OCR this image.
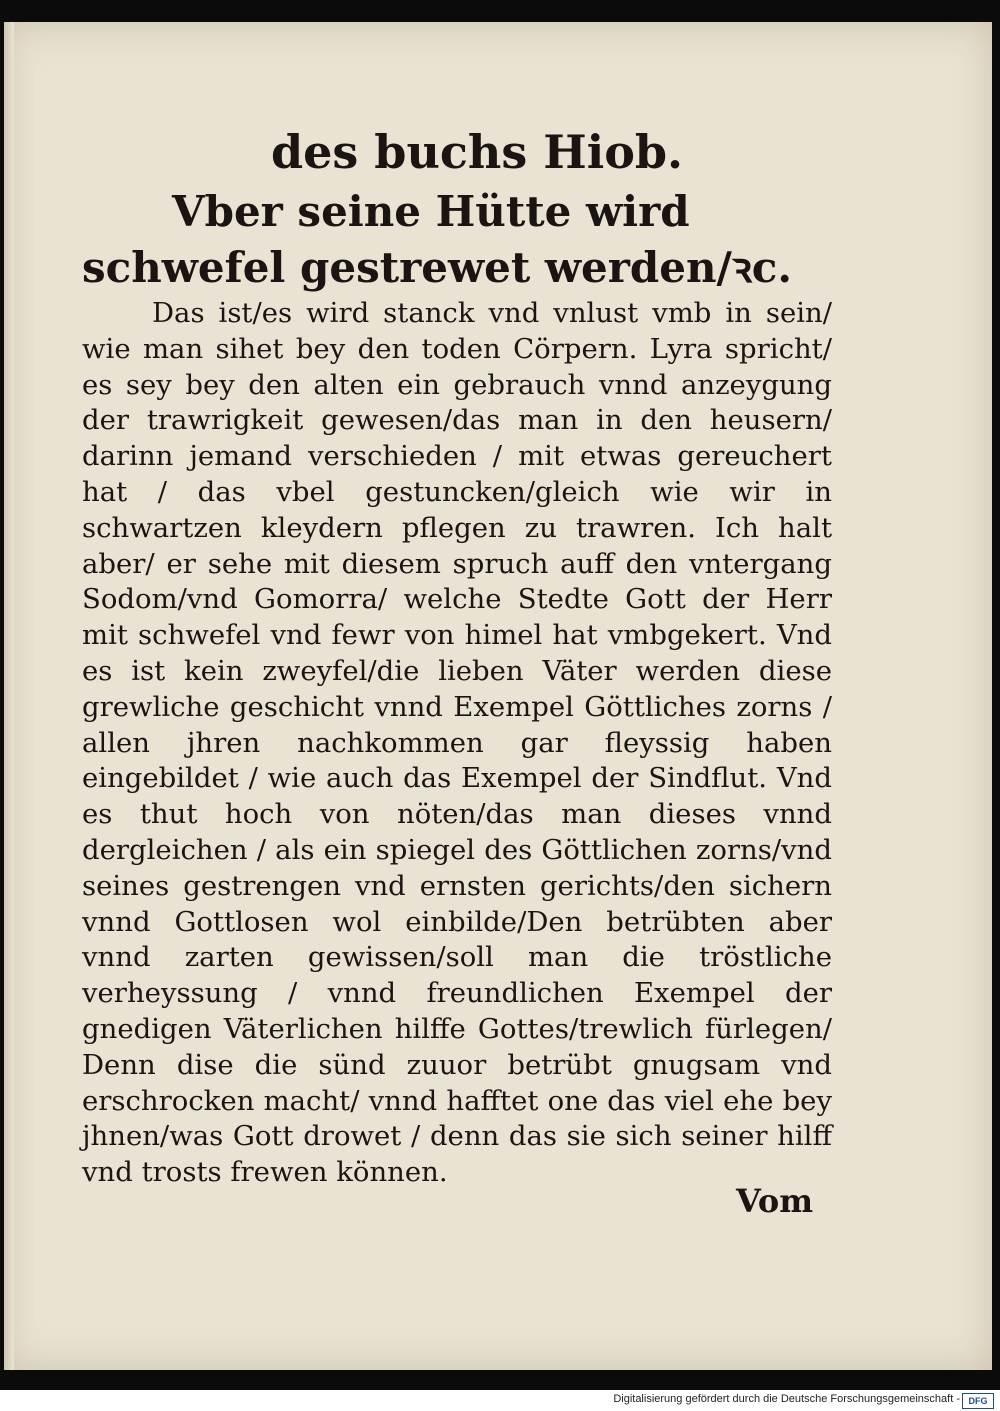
des buchs Hiob.

Vber seine Hütte wird schwefel gestrewet werden/ꝛc.

Das ist/es wird stanck vnd vnlust vmb in sein/ wie man sihet bey den toden Cörpern. Lyra spricht/ es sey bey den alten ein gebrauch vnnd anzeygung der trawrigkeit gewesen/das man in den heusern/ darinn jemand verschieden / mit etwas gereuchert hat / das vbel gestuncken/gleich wie wir in schwartzen kleydern pflegen zu trawren. Ich halt aber/ er sehe mit diesem spruch auff den vntergang Sodom/vnd Gomorra/ welche Stedte Gott der Herr mit schwefel vnd fewr von himel hat vmbgekert. Vnd es ist kein zweyfel/die lieben Väter werden diese grewliche geschicht vnnd Exempel Göttliches zorns / allen jhren nachkommen gar fleyssig haben eingebildet / wie auch das Exempel der Sindflut. Vnd es thut hoch von nöten/das man dieses vnnd dergleichen / als ein spiegel des Göttlichen zorns/vnd seines gestrengen vnd ernsten gerichts/den sichern vnnd Gottlosen wol einbilde/Den betrübten aber vnnd zarten gewissen/soll man die tröstliche verheyssung / vnnd freundlichen Exempel der gnedigen Väterlichen hilffe Gottes/trewlich fürlegen/ Denn dise die sünd zuuor betrübt gnugsam vnd erschrocken macht/ vnnd hafftet one das viel ehe bey jhnen/was Gott drowet / denn das sie sich seiner hilff vnd trosts frewen können.

Vom
Digitalisierung gefördert durch die Deutsche Forschungsgemeinschaft - DFG
